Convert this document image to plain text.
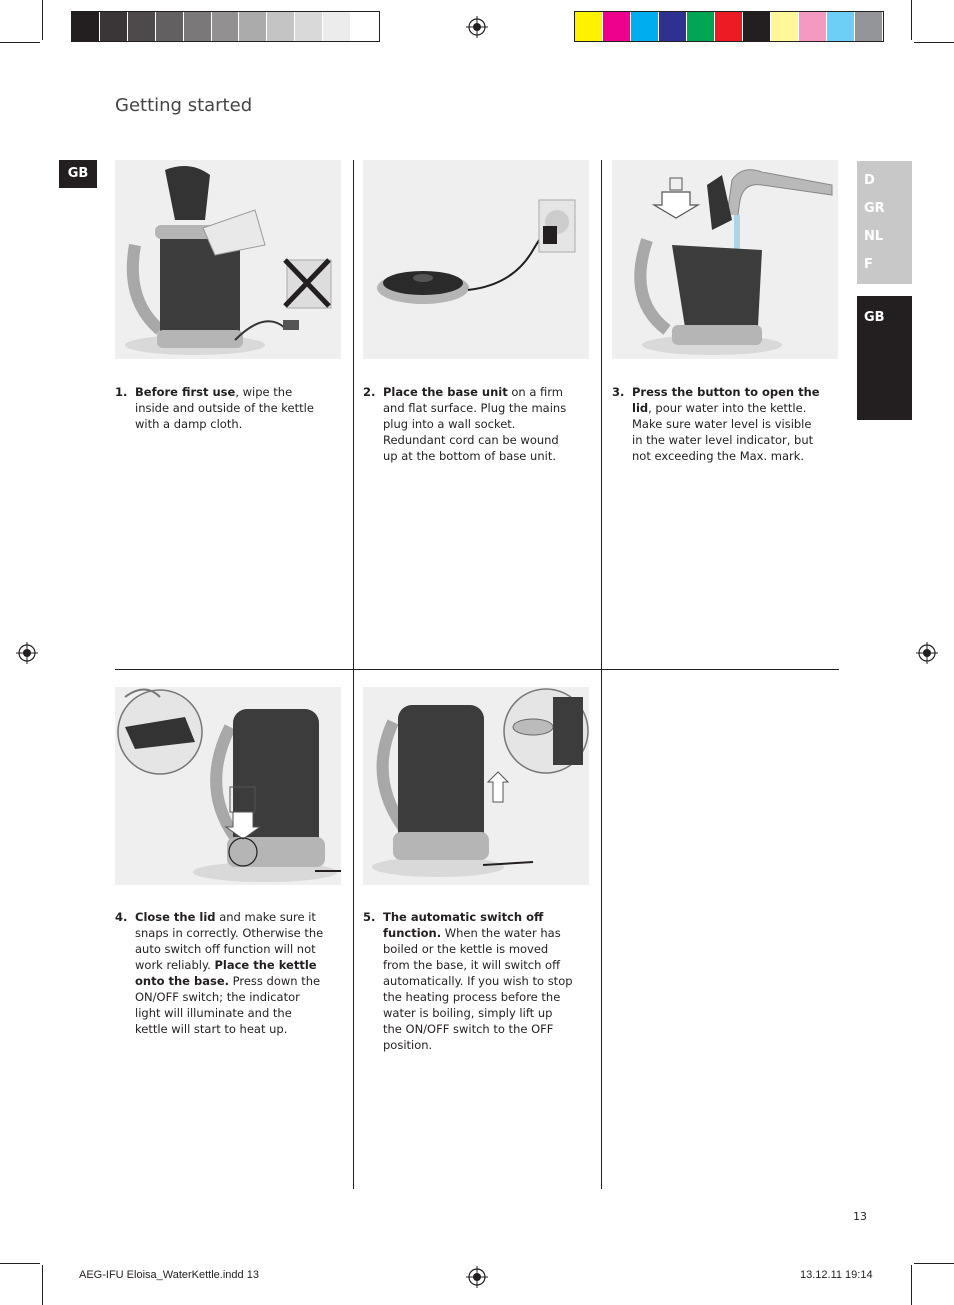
Getting started
GB	D
GR
NL
F
GB
1. Before first use, wipe the inside and outside of the kettle with a damp cloth.
2. Place the base unit on a firm and flat surface. Plug the mains plug into a wall socket. Redundant cord can be wound up at the bottom of base unit.
3. Press the button to open the lid, pour water into the kettle. Make sure water level is visible in the water level indicator, but not exceeding the Max. mark.
4. Close the lid and make sure it snaps in correctly. Otherwise the auto switch off function will not work reliably. Place the kettle onto the base. Press down the ON/OFF switch; the indicator light will illuminate and the kettle will start to heat up.
5. The automatic switch off function. When the water has boiled or the kettle is moved from the base, it will switch off automatically. If you wish to stop the heating process before the water is boiling, simply lift up the ON/OFF switch to the OFF position.
13
AEG-IFU Eloisa_WaterKettle.indd 13	13.12.11 19:14
